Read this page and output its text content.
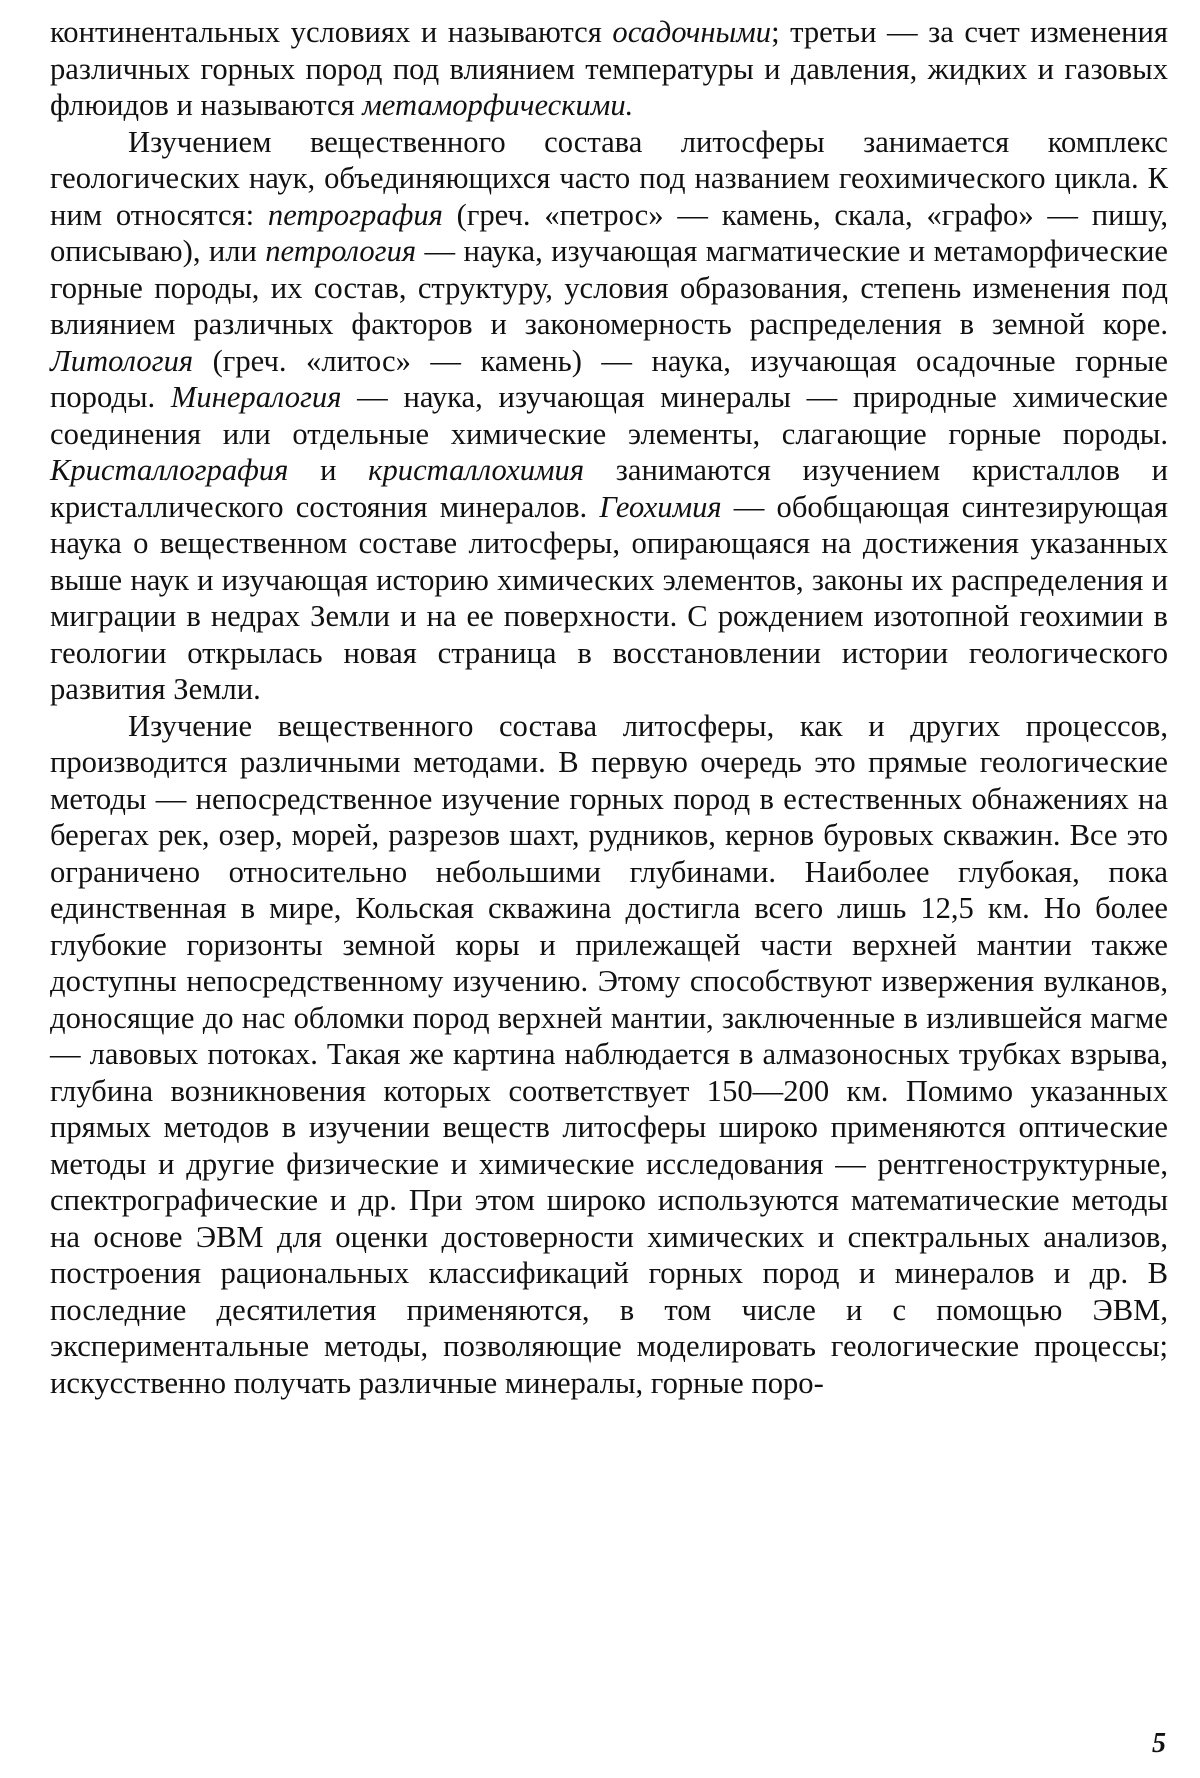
континентальных условиях и называются осадочными; третьи — за счет изменения различных горных пород под влиянием температуры и давления, жидких и газовых флюидов и называются метаморфическими.

Изучением вещественного состава литосферы занимается комплекс геологических наук, объединяющихся часто под названием геохимического цикла. К ним относятся: петрография (греч. «петрос» — камень, скала, «графо» — пишу, описываю), или петрология — наука, изучающая магматические и метаморфические горные породы, их состав, структуру, условия образования, степень изменения под влиянием различных факторов и закономерность распределения в земной коре. Литология (греч. «литос» — камень) — наука, изучающая осадочные горные породы. Минералогия — наука, изучающая минералы — природные химические соединения или отдельные химические элементы, слагающие горные породы. Кристаллография и кристаллохимия занимаются изучением кристаллов и кристаллического состояния минералов. Геохимия — обобщающая синтезирующая наука о вещественном составе литосферы, опирающаяся на достижения указанных выше наук и изучающая историю химических элементов, законы их распределения и миграции в недрах Земли и на ее поверхности. С рождением изотопной геохимии в геологии открылась новая страница в восстановлении истории геологического развития Земли.

Изучение вещественного состава литосферы, как и других процессов, производится различными методами. В первую очередь это прямые геологические методы — непосредственное изучение горных пород в естественных обнажениях на берегах рек, озер, морей, разрезов шахт, рудников, кернов буровых скважин. Все это ограничено относительно небольшими глубинами. Наиболее глубокая, пока единственная в мире, Кольская скважина достигла всего лишь 12,5 км. Но более глубокие горизонты земной коры и прилежащей части верхней мантии также доступны непосредственному изучению. Этому способствуют извержения вулканов, доносящие до нас обломки пород верхней мантии, заключенные в излившейся магме — лавовых потоках. Такая же картина наблюдается в алмазоносных трубках взрыва, глубина возникновения которых соответствует 150—200 км. Помимо указанных прямых методов в изучении веществ литосферы широко применяются оптические методы и другие физические и химические исследования — рентгеноструктурные, спектрографические и др. При этом широко используются математические методы на основе ЭВМ для оценки достоверности химических и спектральных анализов, построения рациональных классификаций горных пород и минералов и др. В последние десятилетия применяются, в том числе и с помощью ЭВМ, экспериментальные методы, позволяющие моделировать геологические процессы; искусственно получать различные минералы, горные поро-

5
